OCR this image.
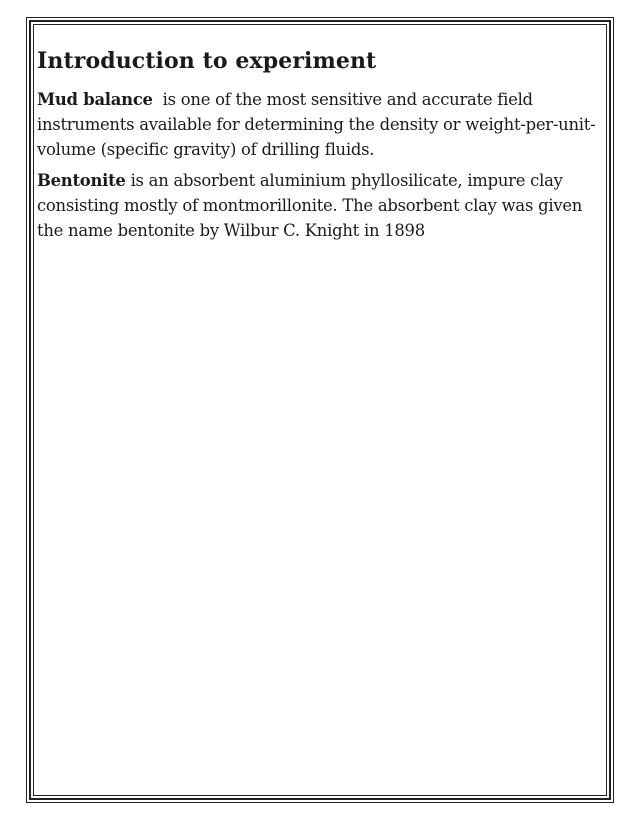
Introduction to experiment

Mud balance  is one of the most sensitive and accurate field instruments available for determining the density or weight-per-unit-volume (specific gravity) of drilling fluids.

Bentonite is an absorbent aluminium phyllosilicate, impure clay consisting mostly of montmorillonite. The absorbent clay was given the name bentonite by Wilbur C. Knight in 1898
